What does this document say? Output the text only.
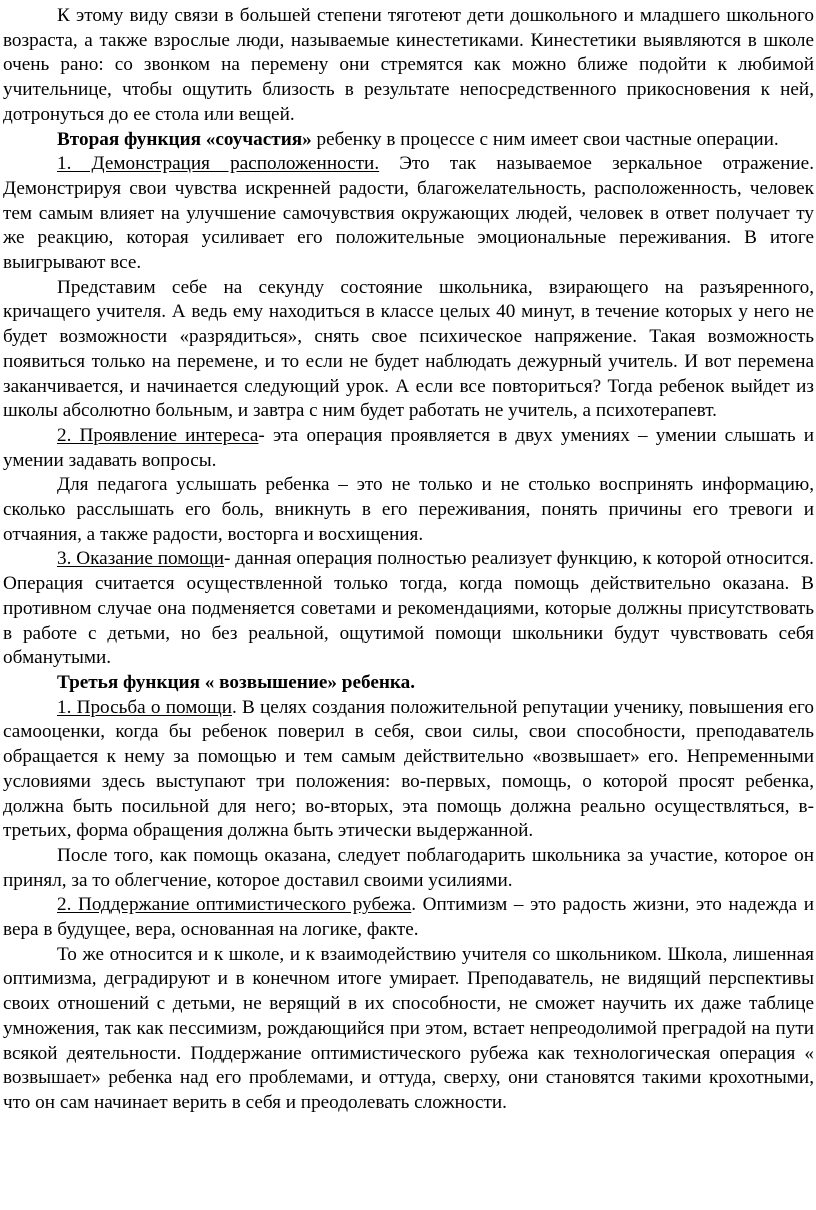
К этому виду связи в большей степени тяготеют дети дошкольного и младшего школьного возраста, а также взрослые люди, называемые кинестетиками. Кинестетики выявляются в школе очень рано: со звонком на перемену они стремятся как можно ближе подойти к любимой учительнице, чтобы ощутить близость в результате непосредственного прикосновения к ней, дотронуться до ее стола или вещей.

Вторая функция «соучастия» ребенку в процессе с ним имеет свои частные операции.

1. Демонстрация расположенности. Это так называемое зеркальное отражение. Демонстрируя свои чувства искренней радости, благожелательность, расположенность, человек тем самым влияет на улучшение самочувствия окружающих людей, человек в ответ получает ту же реакцию, которая усиливает его положительные эмоциональные переживания. В итоге выигрывают все.

Представим себе на секунду состояние школьника, взирающего на разъяренного, кричащего учителя. А ведь ему находиться в классе целых 40 минут, в течение которых у него не будет возможности «разрядиться», снять свое психическое напряжение. Такая возможность появиться только на перемене, и то если не будет наблюдать дежурный учитель. И вот перемена заканчивается, и начинается следующий урок. А если все повториться? Тогда ребенок выйдет из школы абсолютно больным, и завтра с ним будет работать не учитель, а психотерапевт.

2. Проявление интереса- эта операция проявляется в двух умениях – умении слышать и умении задавать вопросы.

Для педагога услышать ребенка – это не только и не столько воспринять информацию, сколько расслышать его боль, вникнуть в его переживания, понять причины его тревоги и отчаяния, а также радости, восторга и восхищения.

3. Оказание помощи- данная операция полностью реализует функцию, к которой относится. Операция считается осуществленной только тогда, когда помощь действительно оказана. В противном случае она подменяется советами и рекомендациями, которые должны присутствовать в работе с детьми, но без реальной, ощутимой помощи школьники будут чувствовать себя обманутыми.

Третья функция « возвышение» ребенка.

1. Просьба о помощи. В целях создания положительной репутации ученику, повышения его самооценки, когда бы ребенок поверил в себя, свои силы, свои способности, преподаватель обращается к нему за помощью и тем самым действительно «возвышает» его. Непременными условиями здесь выступают три положения: во-первых, помощь, о которой просят ребенка, должна быть посильной для него; во-вторых, эта помощь должна реально осуществляться, в-третьих, форма обращения должна быть этически выдержанной.

После того, как помощь оказана, следует поблагодарить школьника за участие, которое он принял, за то облегчение, которое доставил своими усилиями.

2. Поддержание оптимистического рубежа. Оптимизм – это радость жизни, это надежда и вера в будущее, вера, основанная на логике, факте.

То же относится и к школе, и к взаимодействию учителя со школьником. Школа, лишенная оптимизма, деградируют и в конечном итоге умирает. Преподаватель, не видящий перспективы своих отношений с детьми, не верящий в их способности, не сможет научить их даже таблице умножения, так как пессимизм, рождающийся при этом, встает непреодолимой преградой на пути всякой деятельности. Поддержание оптимистического рубежа как технологическая операция « возвышает» ребенка над его проблемами, и оттуда, сверху, они становятся такими крохотными, что он сам начинает верить в себя и преодолевать сложности.
